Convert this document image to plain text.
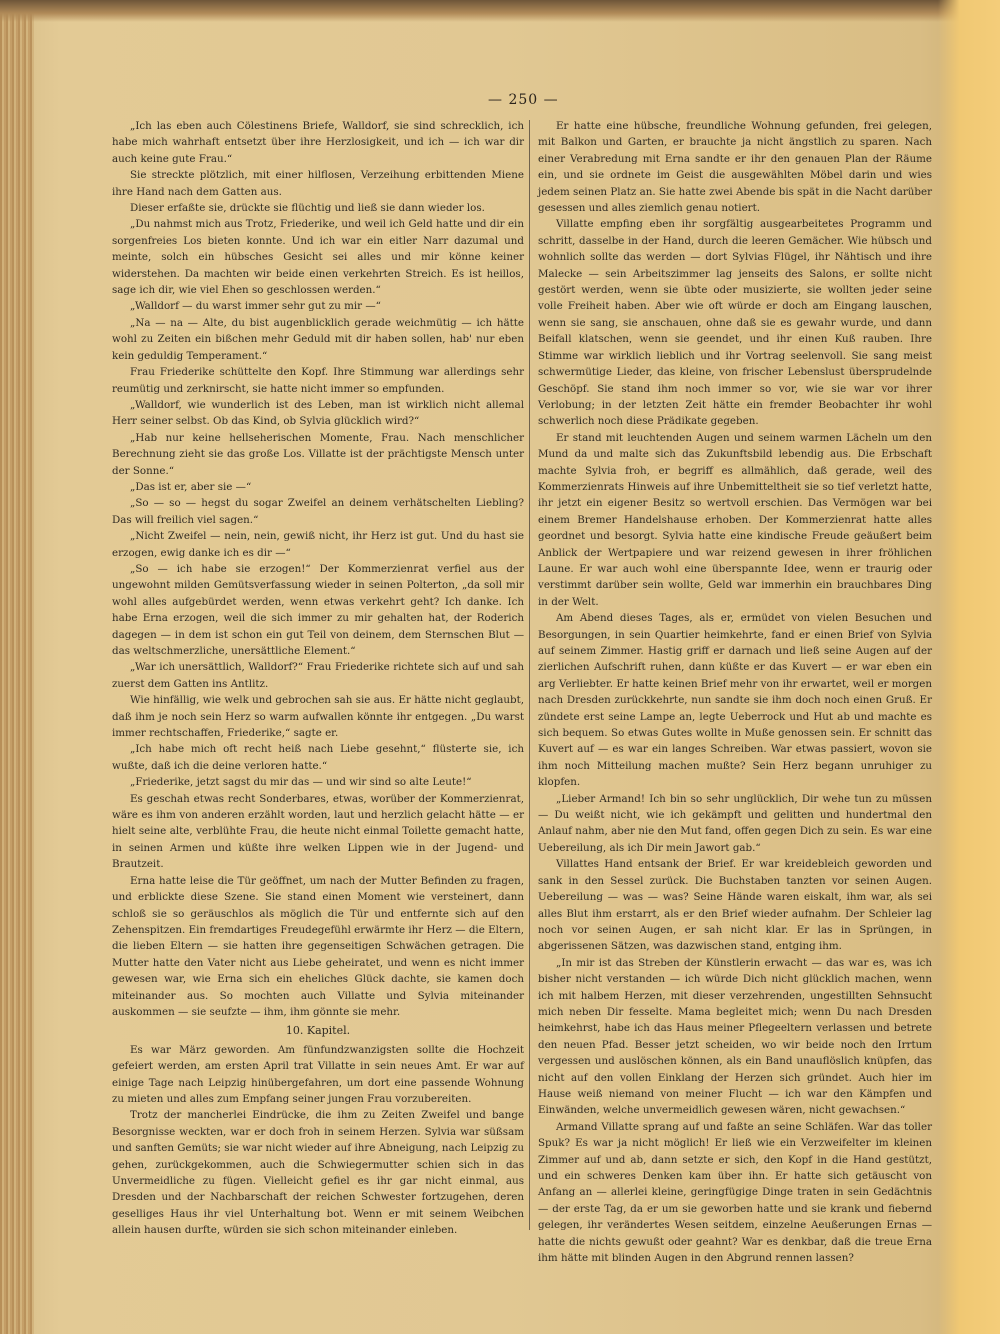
— 250 —

„Ich las eben auch Cölestinens Briefe, Walldorf, sie sind schrecklich, ich habe mich wahrhaft entsetzt über ihre Herzlosigkeit, und ich — ich war dir auch keine gute Frau.“

Sie streckte plötzlich, mit einer hilflosen, Verzeihung erbittenden Miene ihre Hand nach dem Gatten aus.

Dieser erfaßte sie, drückte sie flüchtig und ließ sie dann wieder los.

„Du nahmst mich aus Trotz, Friederike, und weil ich Geld hatte und dir ein sorgenfreies Los bieten konnte. Und ich war ein eitler Narr dazumal und meinte, solch ein hübsches Gesicht sei alles und mir könne keiner widerstehen. Da machten wir beide einen verkehrten Streich. Es ist heillos, sage ich dir, wie viel Ehen so geschlossen werden.“

„Walldorf — du warst immer sehr gut zu mir —“

„Na — na — Alte, du bist augenblicklich gerade weichmütig — ich hätte wohl zu Zeiten ein bißchen mehr Geduld mit dir haben sollen, hab' nur eben kein geduldig Temperament.“

Frau Friederike schüttelte den Kopf. Ihre Stimmung war allerdings sehr reumütig und zerknirscht, sie hatte nicht immer so empfunden.

„Walldorf, wie wunderlich ist des Leben, man ist wirklich nicht allemal Herr seiner selbst. Ob das Kind, ob Sylvia glücklich wird?“

„Hab nur keine hellseherischen Momente, Frau. Nach menschlicher Berechnung zieht sie das große Los. Villatte ist der prächtigste Mensch unter der Sonne.“

„Das ist er, aber sie —“

„So — so — hegst du sogar Zweifel an deinem verhätschelten Liebling? Das will freilich viel sagen.“

„Nicht Zweifel — nein, nein, gewiß nicht, ihr Herz ist gut. Und du hast sie erzogen, ewig danke ich es dir —“

„So — ich habe sie erzogen!“ Der Kommerzienrat verfiel aus der ungewohnt milden Gemütsverfassung wieder in seinen Polterton, „da soll mir wohl alles aufgebürdet werden, wenn etwas verkehrt geht? Ich danke. Ich habe Erna erzogen, weil die sich immer zu mir gehalten hat, der Roderich dagegen — in dem ist schon ein gut Teil von deinem, dem Sternschen Blut — das weltschmerzliche, unersättliche Element.“

„War ich unersättlich, Walldorf?“ Frau Friederike richtete sich auf und sah zuerst dem Gatten ins Antlitz.

Wie hinfällig, wie welk und gebrochen sah sie aus. Er hätte nicht geglaubt, daß ihm je noch sein Herz so warm aufwallen könnte ihr entgegen. „Du warst immer rechtschaffen, Friederike,“ sagte er.

„Ich habe mich oft recht heiß nach Liebe gesehnt,“ flüsterte sie, ich wußte, daß ich die deine verloren hatte.“

„Friederike, jetzt sagst du mir das — und wir sind so alte Leute!“

Es geschah etwas recht Sonderbares, etwas, worüber der Kommerzienrat, wäre es ihm von anderen erzählt worden, laut und herzlich gelacht hätte — er hielt seine alte, verblühte Frau, die heute nicht einmal Toilette gemacht hatte, in seinen Armen und küßte ihre welken Lippen wie in der Jugend- und Brautzeit.

Erna hatte leise die Tür geöffnet, um nach der Mutter Befinden zu fragen, und erblickte diese Szene. Sie stand einen Moment wie versteinert, dann schloß sie so geräuschlos als möglich die Tür und entfernte sich auf den Zehenspitzen. Ein fremdartiges Freudegefühl erwärmte ihr Herz — die Eltern, die lieben Eltern — sie hatten ihre gegenseitigen Schwächen getragen. Die Mutter hatte den Vater nicht aus Liebe geheiratet, und wenn es nicht immer gewesen war, wie Erna sich ein eheliches Glück dachte, sie kamen doch miteinander aus. So mochten auch Villatte und Sylvia miteinander auskommen — sie seufzte — ihm, ihm gönnte sie mehr.

10. Kapitel.

Es war März geworden. Am fünfundzwanzigsten sollte die Hochzeit gefeiert werden, am ersten April trat Villatte in sein neues Amt. Er war auf einige Tage nach Leipzig hinübergefahren, um dort eine passende Wohnung zu mieten und alles zum Empfang seiner jungen Frau vorzubereiten.

Trotz der mancherlei Eindrücke, die ihm zu Zeiten Zweifel und bange Besorgnisse weckten, war er doch froh in seinem Herzen. Sylvia war süßsam und sanften Gemüts; sie war nicht wieder auf ihre Abneigung, nach Leipzig zu gehen, zurückgekommen, auch die Schwiegermutter schien sich in das Unvermeidliche zu fügen. Vielleicht gefiel es ihr gar nicht einmal, aus Dresden und der Nachbarschaft der reichen Schwester fortzugehen, deren geselliges Haus ihr viel Unterhaltung bot. Wenn er mit seinem Weibchen allein hausen durfte, würden sie sich schon miteinander einleben.

Er hatte eine hübsche, freundliche Wohnung gefunden, frei gelegen, mit Balkon und Garten, er brauchte ja nicht ängstlich zu sparen. Nach einer Verabredung mit Erna sandte er ihr den genauen Plan der Räume ein, und sie ordnete im Geist die ausgewählten Möbel darin und wies jedem seinen Platz an. Sie hatte zwei Abende bis spät in die Nacht darüber gesessen und alles ziemlich genau notiert.

Villatte empfing eben ihr sorgfältig ausgearbeitetes Programm und schritt, dasselbe in der Hand, durch die leeren Gemächer. Wie hübsch und wohnlich sollte das werden — dort Sylvias Flügel, ihr Nähtisch und ihre Malecke — sein Arbeitszimmer lag jenseits des Salons, er sollte nicht gestört werden, wenn sie übte oder musizierte, sie wollten jeder seine volle Freiheit haben. Aber wie oft würde er doch am Eingang lauschen, wenn sie sang, sie anschauen, ohne daß sie es gewahr wurde, und dann Beifall klatschen, wenn sie geendet, und ihr einen Kuß rauben. Ihre Stimme war wirklich lieblich und ihr Vortrag seelenvoll. Sie sang meist schwermütige Lieder, das kleine, von frischer Lebenslust übersprudelnde Geschöpf. Sie stand ihm noch immer so vor, wie sie war vor ihrer Verlobung; in der letzten Zeit hätte ein fremder Beobachter ihr wohl schwerlich noch diese Prädikate gegeben.

Er stand mit leuchtenden Augen und seinem warmen Lächeln um den Mund da und malte sich das Zukunftsbild lebendig aus. Die Erbschaft machte Sylvia froh, er begriff es allmählich, daß gerade, weil des Kommerzienrats Hinweis auf ihre Unbemitteltheit sie so tief verletzt hatte, ihr jetzt ein eigener Besitz so wertvoll erschien. Das Vermögen war bei einem Bremer Handelshause erhoben. Der Kommerzienrat hatte alles geordnet und besorgt. Sylvia hatte eine kindische Freude geäußert beim Anblick der Wertpapiere und war reizend gewesen in ihrer fröhlichen Laune. Er war auch wohl eine überspannte Idee, wenn er traurig oder verstimmt darüber sein wollte, Geld war immerhin ein brauchbares Ding in der Welt.

Am Abend dieses Tages, als er, ermüdet von vielen Besuchen und Besorgungen, in sein Quartier heimkehrte, fand er einen Brief von Sylvia auf seinem Zimmer. Hastig griff er darnach und ließ seine Augen auf der zierlichen Aufschrift ruhen, dann küßte er das Kuvert — er war eben ein arg Verliebter. Er hatte keinen Brief mehr von ihr erwartet, weil er morgen nach Dresden zurückkehrte, nun sandte sie ihm doch noch einen Gruß. Er zündete erst seine Lampe an, legte Ueberrock und Hut ab und machte es sich bequem. So etwas Gutes wollte in Muße genossen sein. Er schnitt das Kuvert auf — es war ein langes Schreiben. War etwas passiert, wovon sie ihm noch Mitteilung machen mußte? Sein Herz begann unruhiger zu klopfen.

„Lieber Armand! Ich bin so sehr unglücklich, Dir wehe tun zu müssen — Du weißt nicht, wie ich gekämpft und gelitten und hundertmal den Anlauf nahm, aber nie den Mut fand, offen gegen Dich zu sein. Es war eine Uebereilung, als ich Dir mein Jawort gab.“

Villattes Hand entsank der Brief. Er war kreidebleich geworden und sank in den Sessel zurück. Die Buchstaben tanzten vor seinen Augen. Uebereilung — was — was? Seine Hände waren eiskalt, ihm war, als sei alles Blut ihm erstarrt, als er den Brief wieder aufnahm. Der Schleier lag noch vor seinen Augen, er sah nicht klar. Er las in Sprüngen, in abgerissenen Sätzen, was dazwischen stand, entging ihm.

„In mir ist das Streben der Künstlerin erwacht — das war es, was ich bisher nicht verstanden — ich würde Dich nicht glücklich machen, wenn ich mit halbem Herzen, mit dieser verzehrenden, ungestillten Sehnsucht mich neben Dir fesselte. Mama begleitet mich; wenn Du nach Dresden heimkehrst, habe ich das Haus meiner Pflegeeltern verlassen und betrete den neuen Pfad. Besser jetzt scheiden, wo wir beide noch den Irrtum vergessen und auslöschen können, als ein Band unauflöslich knüpfen, das nicht auf den vollen Einklang der Herzen sich gründet. Auch hier im Hause weiß niemand von meiner Flucht — ich war den Kämpfen und Einwänden, welche unvermeidlich gewesen wären, nicht gewachsen.“

Armand Villatte sprang auf und faßte an seine Schläfen. War das toller Spuk? Es war ja nicht möglich! Er ließ wie ein Verzweifelter im kleinen Zimmer auf und ab, dann setzte er sich, den Kopf in die Hand gestützt, und ein schweres Denken kam über ihn. Er hatte sich getäuscht von Anfang an — allerlei kleine, geringfügige Dinge traten in sein Gedächtnis — der erste Tag, da er um sie geworben hatte und sie krank und fiebernd gelegen, ihr verändertes Wesen seitdem, einzelne Aeußerungen Ernas — hatte die nichts gewußt oder geahnt? War es denkbar, daß die treue Erna ihm hätte mit blinden Augen in den Abgrund rennen lassen?
